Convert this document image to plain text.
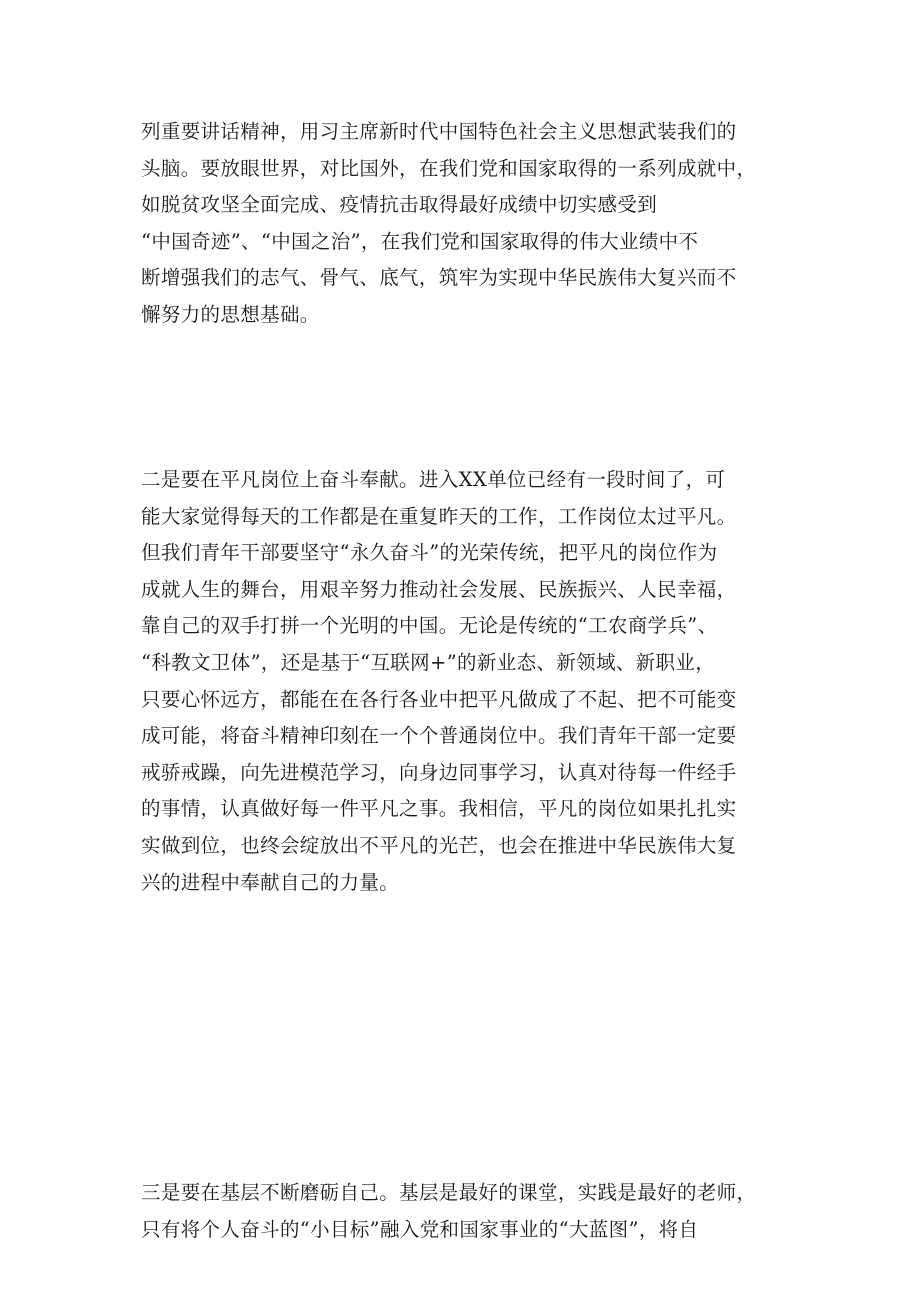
列重要讲话精神，用习主席新时代中国特色社会主义思想武装我们的
头脑。要放眼世界，对比国外，在我们党和国家取得的一系列成就中，
如脱贫攻坚全面完成、疫情抗击取得最好成绩中切实感受到
“中国奇迹”、“中国之治”，在我们党和国家取得的伟大业绩中不
断增强我们的志气、骨气、底气，筑牢为实现中华民族伟大复兴而不
懈努力的思想基础。
二是要在平凡岗位上奋斗奉献。进入XX单位已经有一段时间了，可
能大家觉得每天的工作都是在重复昨天的工作，工作岗位太过平凡。
但我们青年干部要坚守“永久奋斗”的光荣传统，把平凡的岗位作为
成就人生的舞台，用艰辛努力推动社会发展、民族振兴、人民幸福，
靠自己的双手打拼一个光明的中国。无论是传统的“工农商学兵”、
“科教文卫体”，还是基于“互联网+”的新业态、新领域、新职业，
只要心怀远方，都能在在各行各业中把平凡做成了不起、把不可能变
成可能，将奋斗精神印刻在一个个普通岗位中。我们青年干部一定要
戒骄戒躁，向先进模范学习，向身边同事学习，认真对待每一件经手
的事情，认真做好每一件平凡之事。我相信，平凡的岗位如果扎扎实
实做到位，也终会绽放出不平凡的光芒，也会在推进中华民族伟大复
兴的进程中奉献自己的力量。
三是要在基层不断磨砺自己。基层是最好的课堂，实践是最好的老师，
只有将个人奋斗的“小目标”融入党和国家事业的“大蓝图”，将自
